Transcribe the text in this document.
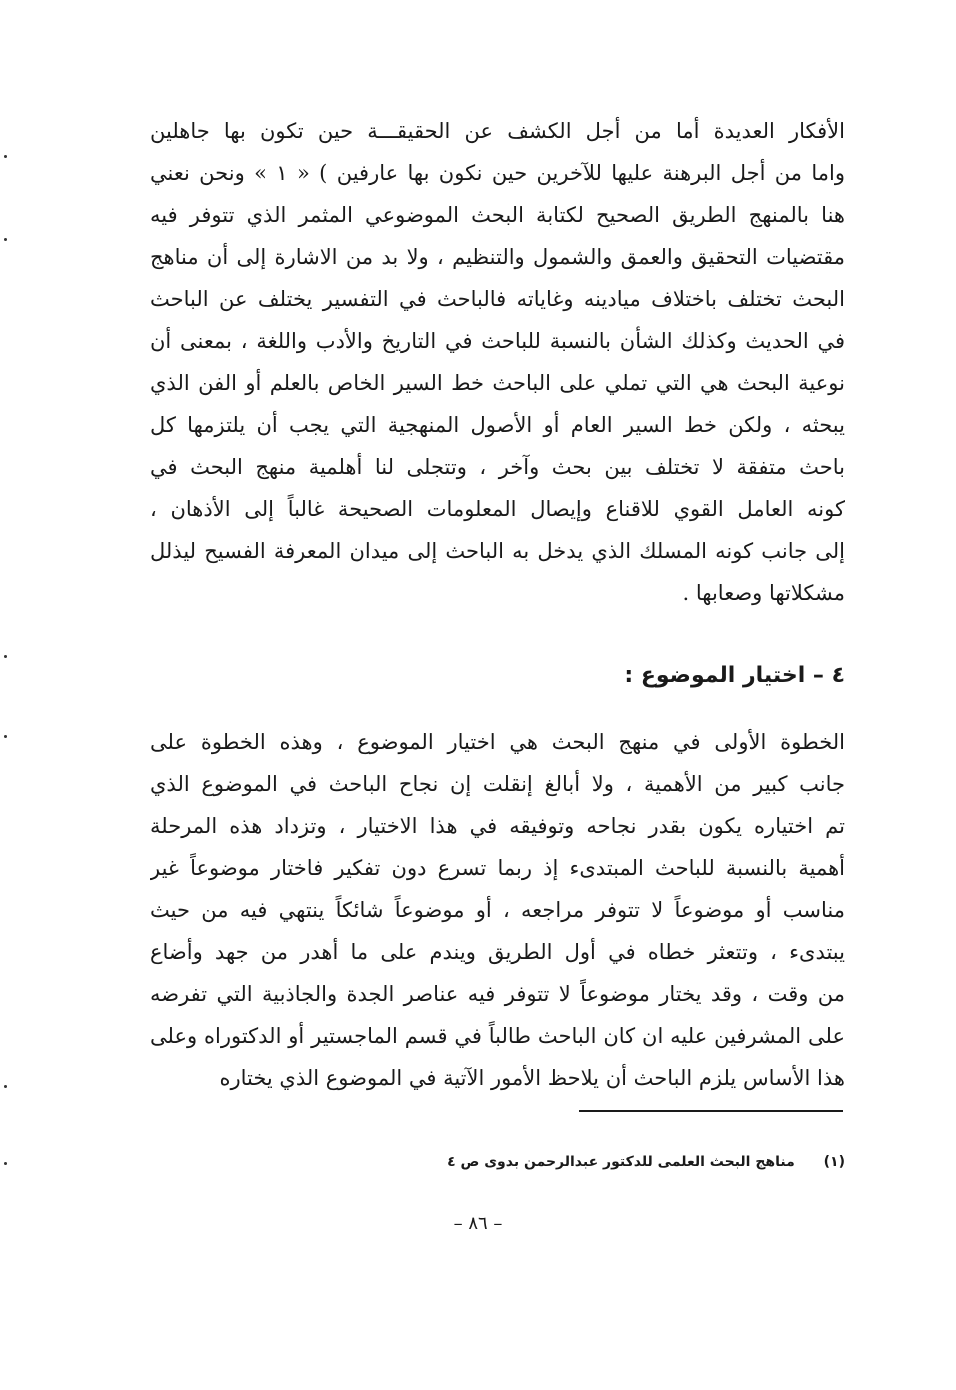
الأفكار العديدة أما من أجل الكشف عن الحقيقـــة حين تكون بها جاهلين
واما من أجل البرهنة عليها للآخرين حين نكون بها عارفين ) « ١ » ونحن نعني
هنا بالمنهج الطريق الصحيح لكتابة البحث الموضوعي المثمر الذي تتوفر فيه
مقتضيات التحقيق والعمق والشمول والتنظيم ، ولا بد من الاشارة إلى أن مناهج
البحث تختلف باختلاف ميادينه وغاياته فالباحث في التفسير يختلف عن الباحث
في الحديث وكذلك الشأن بالنسبة للباحث في التاريخ والأدب واللغة ، بمعنى أن
نوعية البحث هي التي تملي على الباحث خط السير الخاص بالعلم أو الفن الذي
يبحثه ، ولكن خط السير العام أو الأصول المنهجية التي يجب أن يلتزمها كل
باحث متفقة لا تختلف بين بحث وآخر ، وتتجلى لنا أهلمية منهج البحث في
كونه العامل القوي للاقناع وإيصال المعلومات الصحيحة غالباً إلى الأذهان ،
إلى جانب كونه المسلك الذي يدخل به الباحث إلى ميدان المعرفة الفسيح ليذلل
مشكلاتها وصعابها .
٤ – اختيار الموضوع :
الخطوة الأولى في منهج البحث هي اختيار الموضوع ، وهذه الخطوة على
جانب كبير من الأهمية ، ولا أبالغ إنقلت إن نجاح الباحث في الموضوع الذي
تم اختياره يكون بقدر نجاحه وتوفيقه في هذا الاختيار ، وتزداد هذه المرحلة
أهمية بالنسبة للباحث المبتدىء إذ ربما تسرع دون تفكير فاختار موضوعاً غير
مناسب أو موضوعاً لا تتوفر مراجعه ، أو موضوعاً شائكاً ينتهي فيه من حيث
يبتدىء ، وتتعثر خطاه في أول الطريق ويندم على ما أهدر من جهد وأضاع
من وقت ، وقد يختار موضوعاً لا تتوفر فيه عناصر الجدة والجاذبية التي تفرضه
على المشرفين عليه ان كان الباحث طالباً في قسم الماجستير أو الدكتوراه وعلى
هذا الأساس يلزم الباحث أن يلاحظ الأمور الآتية في الموضوع الذي يختاره
(١) مناهج البحث العلمى للدكتور عبدالرحمن بدوى ص ٤
– ٨٦ –
